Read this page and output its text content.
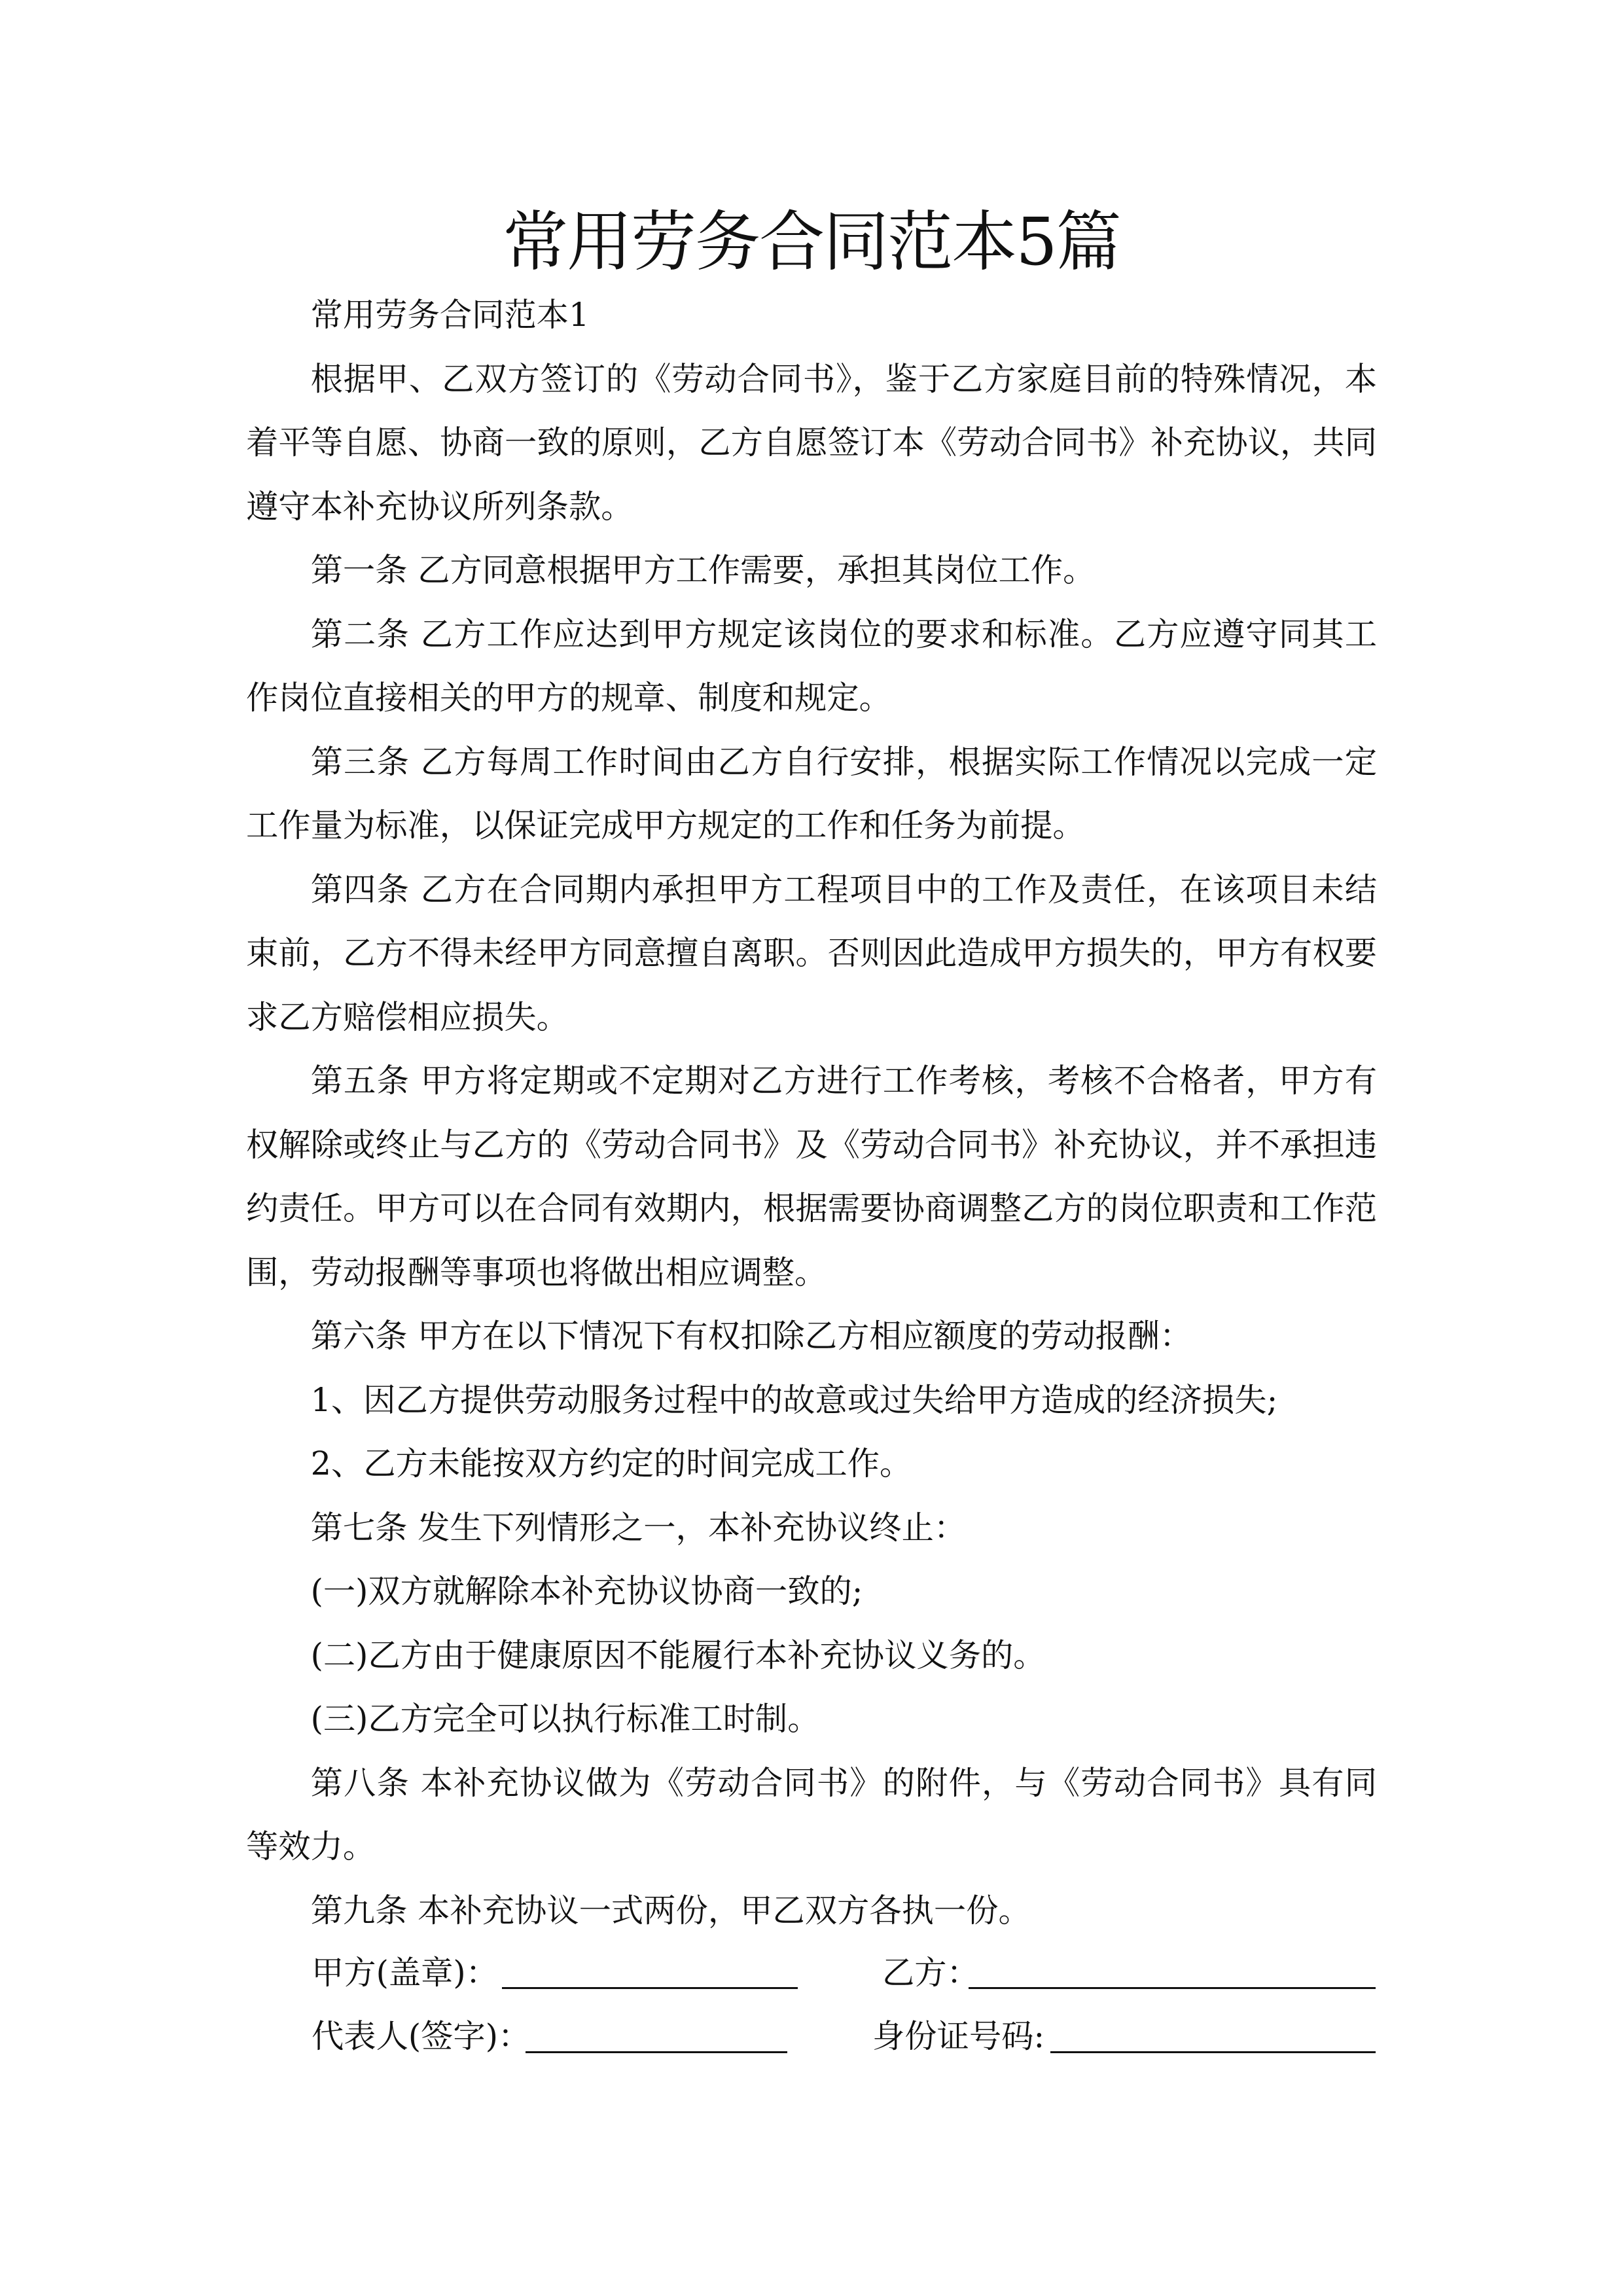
常用劳务合同范本5篇

常用劳务合同范本1

根据甲、乙双方签订的《劳动合同书》，鉴于乙方家庭目前的特殊情况，本着平等自愿、协商一致的原则，乙方自愿签订本《劳动合同书》补充协议，共同遵守本补充协议所列条款。

第一条 乙方同意根据甲方工作需要，承担其岗位工作。

第二条 乙方工作应达到甲方规定该岗位的要求和标准。乙方应遵守同其工作岗位直接相关的甲方的规章、制度和规定。

第三条 乙方每周工作时间由乙方自行安排，根据实际工作情况以完成一定工作量为标准，以保证完成甲方规定的工作和任务为前提。

第四条 乙方在合同期内承担甲方工程项目中的工作及责任，在该项目未结束前，乙方不得未经甲方同意擅自离职。否则因此造成甲方损失的，甲方有权要求乙方赔偿相应损失。

第五条 甲方将定期或不定期对乙方进行工作考核，考核不合格者，甲方有权解除或终止与乙方的《劳动合同书》及《劳动合同书》补充协议，并不承担违约责任。甲方可以在合同有效期内，根据需要协商调整乙方的岗位职责和工作范围，劳动报酬等事项也将做出相应调整。

第六条 甲方在以下情况下有权扣除乙方相应额度的劳动报酬：

1、因乙方提供劳动服务过程中的故意或过失给甲方造成的经济损失;

2、乙方未能按双方约定的时间完成工作。

第七条 发生下列情形之一，本补充协议终止：

(一)双方就解除本补充协议协商一致的;

(二)乙方由于健康原因不能履行本补充协议义务的。

(三)乙方完全可以执行标准工时制。

第八条 本补充协议做为《劳动合同书》的附件，与《劳动合同书》具有同等效力。

第九条 本补充协议一式两份，甲乙双方各执一份。

甲方(盖章)：	乙方：
代表人(签字)：	身份证号码:
